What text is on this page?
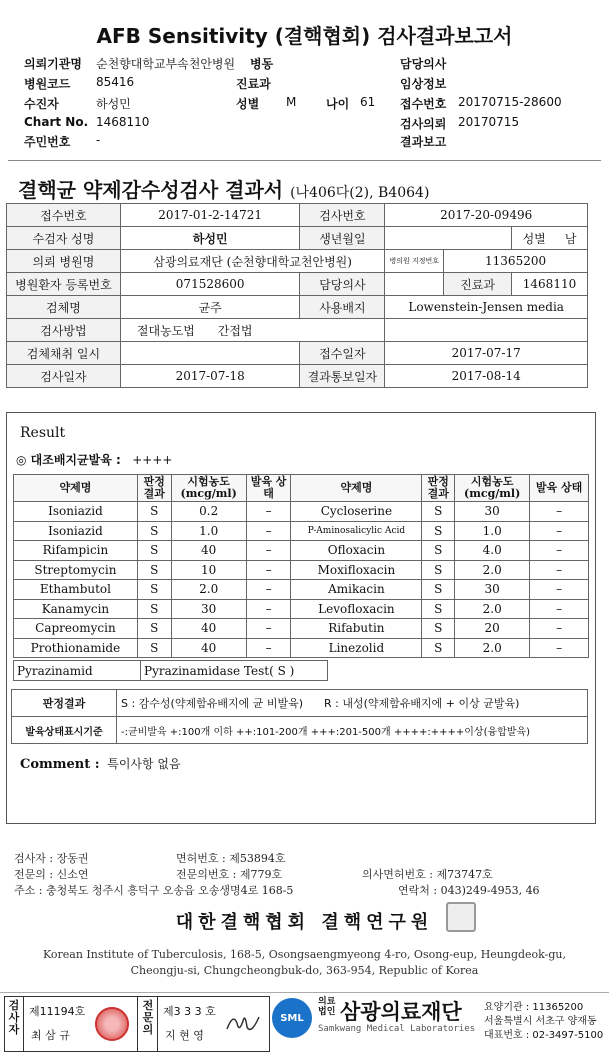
AFB Sensitivity (결핵협회) 검사결과보고서
의뢰기관명 순천향대학교부속천안병원 병동	담당의사
병원코드 85416	진료과	임상정보
수진자	하성민	성별 M 나이 61 접수번호 20170715-28600
Chart No. 1468110	검사의뢰 20170715
주민번호 -	결과보고
결핵균 약제감수성검사 결과서 (나406다(2), B4064)
접수번호	2017-01-2-14721	검사번호	2017-20-09496		
수검자 성명	하성민	생년월일			성별 남
의뢰 병원명	삼광의료재단 (순천향대학교천안병원)		병의원 지정번호	11365200	
병원환자 등록번호	071528600	담당의사		진료과	1468110
검체명	균주	사용배지	Lowenstein-Jensen media		
검사방법	절대농도법 간접법				
검체채취 일시		접수일자	2017-07-17		
검사일자	2017-07-18	결과통보일자	2017-08-14		
Result
◎ 대조배지균발육 : ++++
약제명	판정 결과	시험농도 (mcg/ml)	발육 상태	약제명	판정 결과	시험농도 (mcg/ml)	발육 상태
Isoniazid	S	0.2	–	Cycloserine	S	30	–
Isoniazid	S	1.0	–	P-Aminosalicylic Acid	S	1.0	–
Rifampicin	S	40	–	Ofloxacin	S	4.0	–
Streptomycin	S	10	–	Moxifloxacin	S	2.0	–
Ethambutol	S	2.0	–	Amikacin	S	30	–
Kanamycin	S	30	–	Levofloxacin	S	2.0	–
Capreomycin	S	40	–	Rifabutin	S	20	–
Prothionamide	S	40	–	Linezolid	S	2.0	–
Pyrazinamid	Pyrazinamidase Test( S )
판정결과	S : 감수성(약제함유배지에 균 비발육) R : 내성(약제함유배지에 + 이상 균발육)
발육상태표시기준	-:균비발육 +:100개 이하 ++:101-200개 +++:201-500개 ++++:++++이상(융합발육)
Comment : 특이사항 없음
검사자 : 장동권	면허번호 : 제53894호
전문의 : 신소연	전문의번호 : 제779호	의사면허번호 : 제73747호
주소 : 충청북도 청주시 흥덕구 오송읍 오송생명4로 168-5	연락처 : 043)249-4953, 46
대한결핵협회 결핵연구원
Korean Institute of Tuberculosis, 168-5, Osongsaengmyeong 4-ro, Osong-eup, Heungdeok-gu,
Cheongju-si, Chungcheongbuk-do, 363-954, Republic of Korea
검사자
제11194호
최 삼 규
전문의
제3 3 3 호
지 현 영
SML
의료 법인 삼광의료재단
Samkwang Medical Laboratories
요양기관 : 11365200
서울특별시 서초구 양재동
대표번호 : 02-3497-5100
